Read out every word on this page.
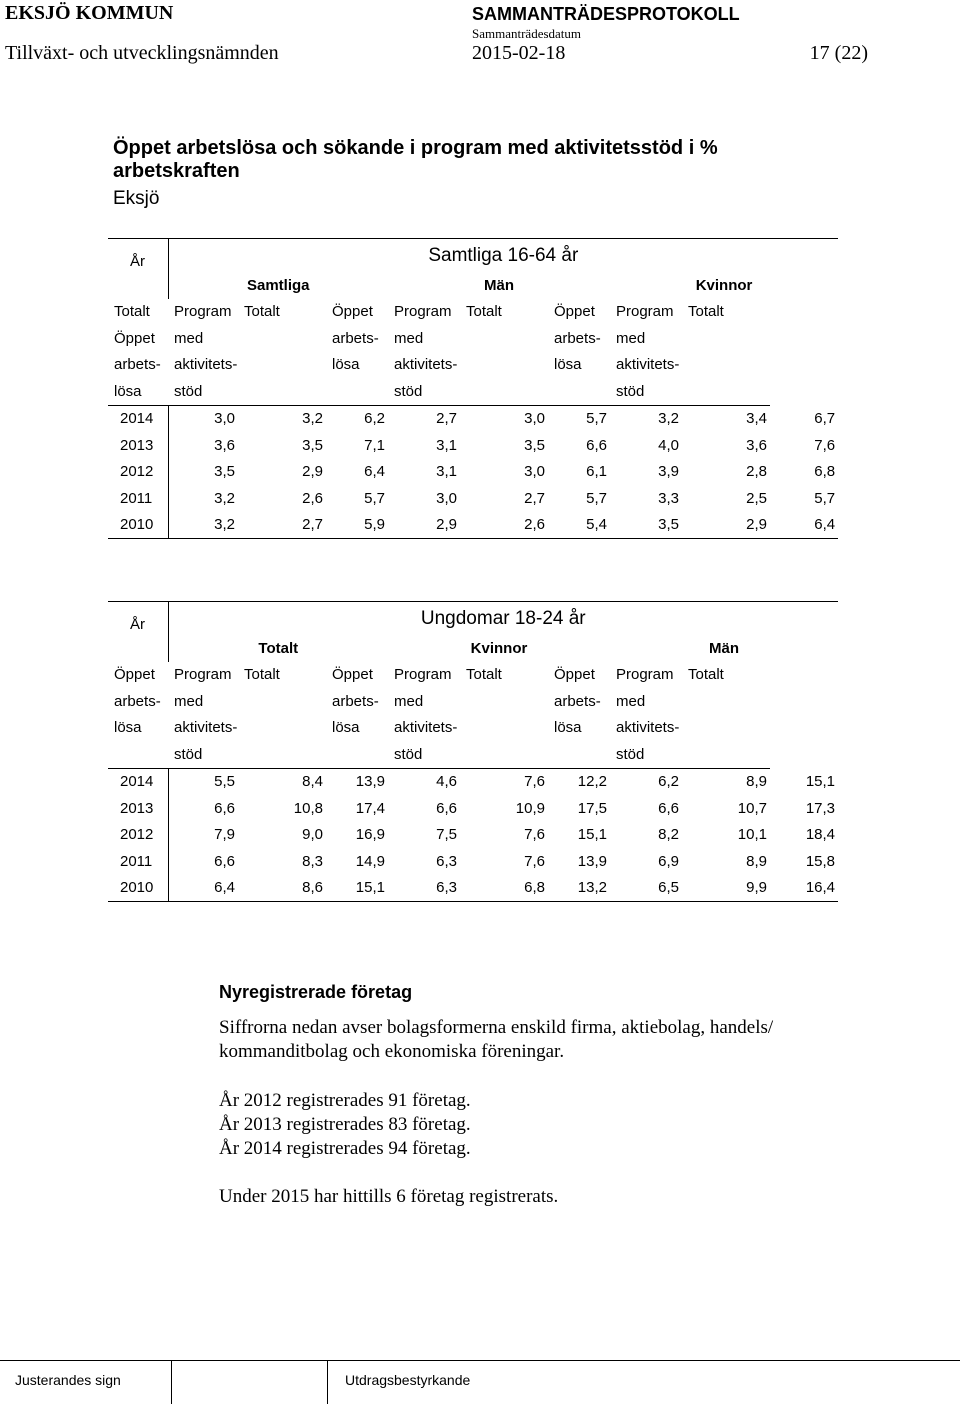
EKSJÖ KOMMUN	SAMMANTRÄDESPROTOKOLL
Sammanträdesdatum
Tillväxt- och utvecklingsnämnden	2015-02-18	17 (22)
Öppet arbetslösa och sökande i program med aktivitetsstöd i % arbetskraften
Eksjö
År	Samtliga 16-64 år								
	Samtliga			Män			Kvinnor		
Totalt	Program	Totalt	Öppet	Program	Totalt	Öppet	Program	Totalt	
Öppet	med		arbets-	med		arbets-	med		
arbets-	aktivitets-		lösa	aktivitets-		lösa	aktivitets-		
lösa	stöd			stöd			stöd		
2014	3,0	3,2	6,2	2,7	3,0	5,7	3,2	3,4	6,7
2013	3,6	3,5	7,1	3,1	3,5	6,6	4,0	3,6	7,6
2012	3,5	2,9	6,4	3,1	3,0	6,1	3,9	2,8	6,8
2011	3,2	2,6	5,7	3,0	2,7	5,7	3,3	2,5	5,7
2010	3,2	2,7	5,9	2,9	2,6	5,4	3,5	2,9	6,4
År	Ungdomar 18-24 år								
	Totalt			Kvinnor			Män		
Öppet	Program	Totalt	Öppet	Program	Totalt	Öppet	Program	Totalt	
arbets-	med		arbets-	med		arbets-	med		
lösa	aktivitets-		lösa	aktivitets-		lösa	aktivitets-		
	stöd			stöd			stöd		
2014	5,5	8,4	13,9	4,6	7,6	12,2	6,2	8,9	15,1
2013	6,6	10,8	17,4	6,6	10,9	17,5	6,6	10,7	17,3
2012	7,9	9,0	16,9	7,5	7,6	15,1	8,2	10,1	18,4
2011	6,6	8,3	14,9	6,3	7,6	13,9	6,9	8,9	15,8
2010	6,4	8,6	15,1	6,3	6,8	13,2	6,5	9,9	16,4
Nyregistrerade företag
Siffrorna nedan avser bolagsformerna enskild firma, aktiebolag, handels/
kommanditbolag och ekonomiska föreningar.
År 2012 registrerades 91 företag.
År 2013 registrerades 83 företag.
År 2014 registrerades 94 företag.
Under 2015 har hittills 6 företag registrerats.
Justerandes sign	Utdragsbestyrkande
